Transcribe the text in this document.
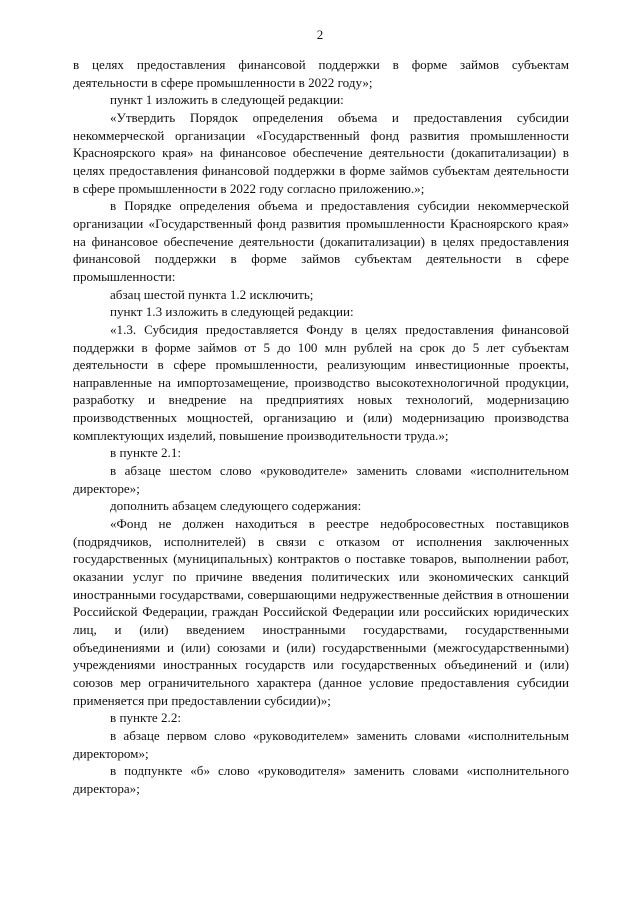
2

в целях предоставления финансовой поддержки в форме займов субъектам деятельности в сфере промышленности в 2022 году»;

пункт 1 изложить в следующей редакции:

«Утвердить Порядок определения объема и предоставления субсидии некоммерческой организации «Государственный фонд развития промышленности Красноярского края» на финансовое обеспечение деятельности (докапитализации) в целях предоставления финансовой поддержки в форме займов субъектам деятельности в сфере промышленности в 2022 году согласно приложению.»;

в Порядке определения объема и предоставления субсидии некоммерческой организации «Государственный фонд развития промышленности Красноярского края» на финансовое обеспечение деятельности (докапитализации) в целях предоставления финансовой поддержки в форме займов субъектам деятельности в сфере промышленности:

абзац шестой пункта 1.2 исключить;

пункт 1.3 изложить в следующей редакции:

«1.3. Субсидия предоставляется Фонду в целях предоставления финансовой поддержки в форме займов от 5 до 100 млн рублей на срок до 5 лет субъектам деятельности в сфере промышленности, реализующим инвестиционные проекты, направленные на импортозамещение, производство высокотехнологичной продукции, разработку и внедрение на предприятиях новых технологий, модернизацию производственных мощностей, организацию и (или) модернизацию производства комплектующих изделий, повышение производительности труда.»;

в пункте 2.1:

в абзаце шестом слово «руководителе» заменить словами «исполнительном директоре»;

дополнить абзацем следующего содержания:

«Фонд не должен находиться в реестре недобросовестных поставщиков (подрядчиков, исполнителей) в связи с отказом от исполнения заключенных государственных (муниципальных) контрактов о поставке товаров, выполнении работ, оказании услуг по причине введения политических или экономических санкций иностранными государствами, совершающими недружественные действия в отношении Российской Федерации, граждан Российской Федерации или российских юридических лиц, и (или) введением иностранными государствами, государственными объединениями и (или) союзами и (или) государственными (межгосударственными) учреждениями иностранных государств или государственных объединений и (или) союзов мер ограничительного характера (данное условие предоставления субсидии применяется при предоставлении субсидии)»;

в пункте 2.2:

в абзаце первом слово «руководителем» заменить словами «исполнительным директором»;

в подпункте «б» слово «руководителя» заменить словами «исполнительного директора»;
